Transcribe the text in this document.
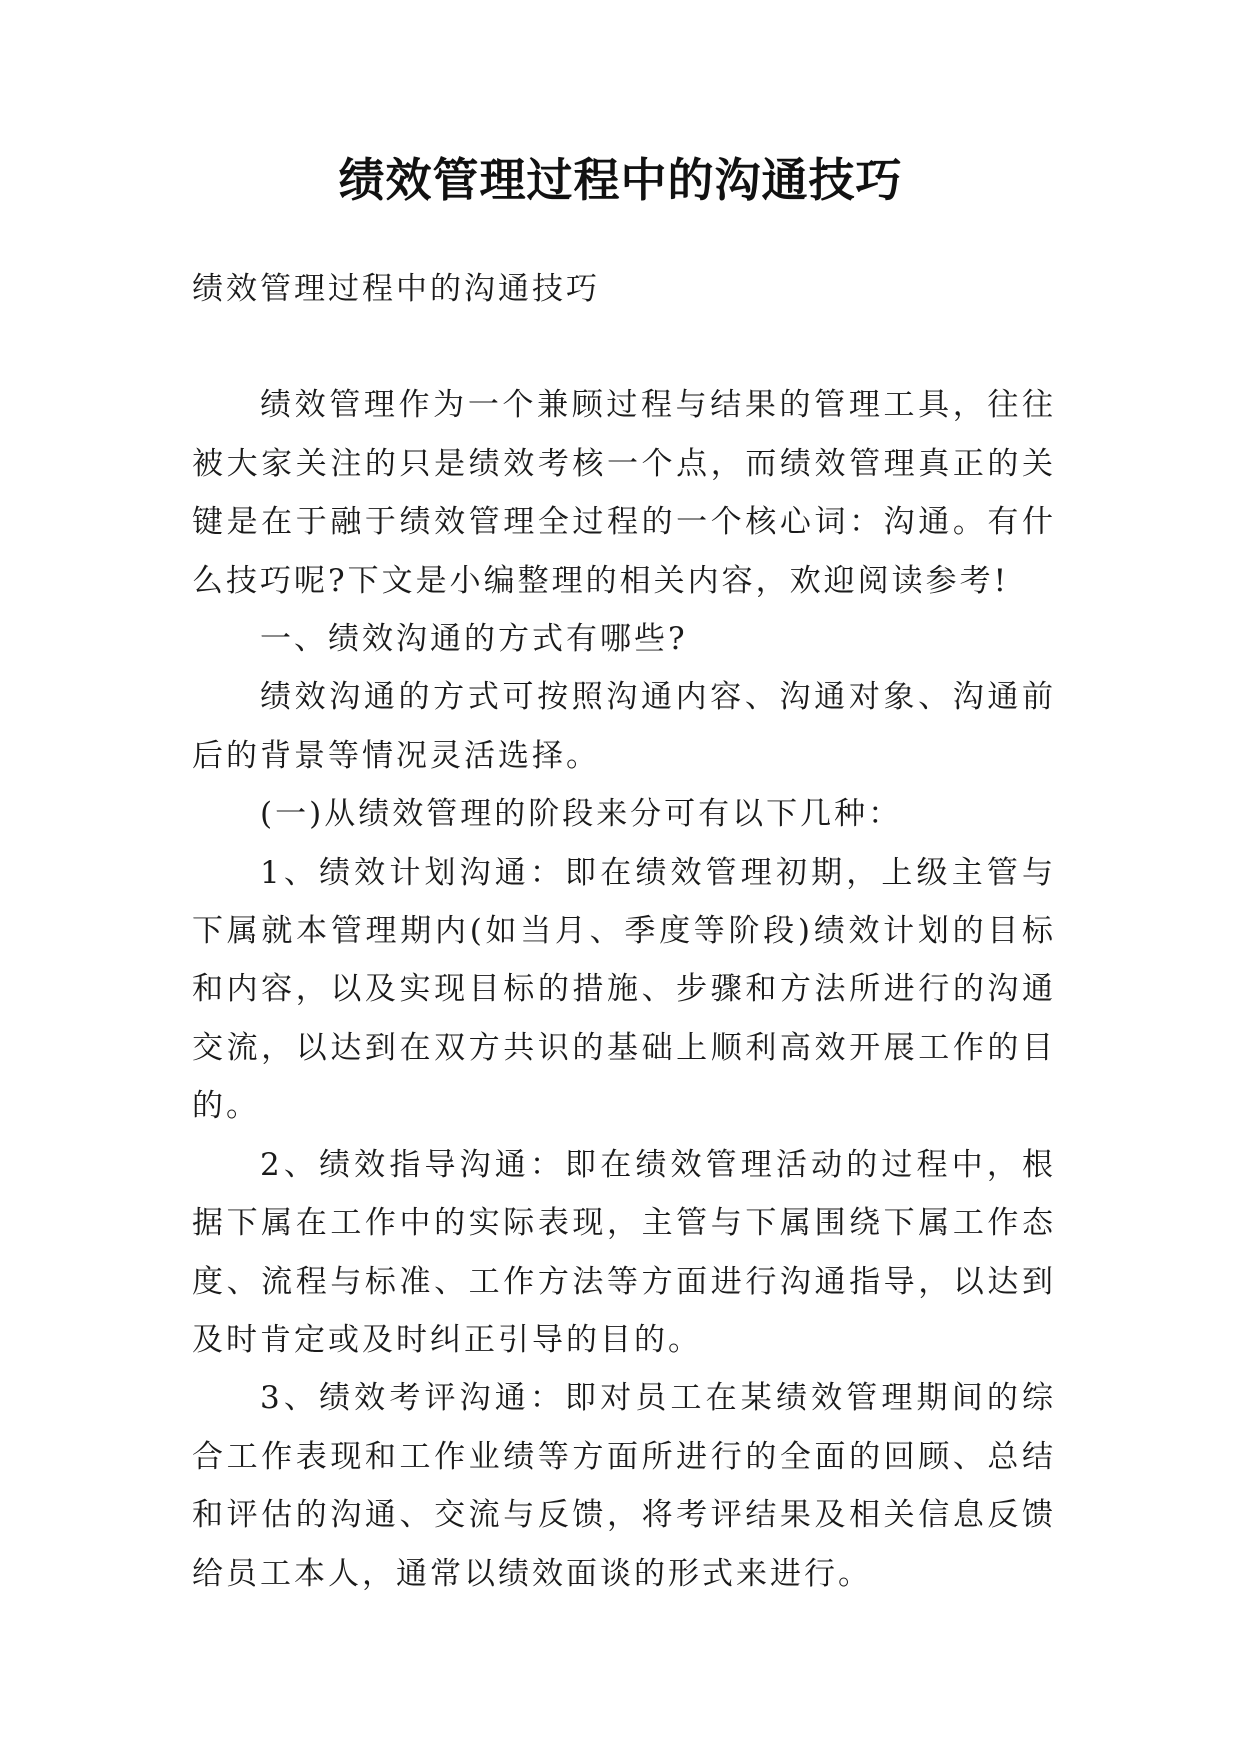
绩效管理过程中的沟通技巧

绩效管理过程中的沟通技巧

绩效管理作为一个兼顾过程与结果的管理工具，往往被大家关注的只是绩效考核一个点，而绩效管理真正的关键是在于融于绩效管理全过程的一个核心词：沟通。有什么技巧呢?下文是小编整理的相关内容，欢迎阅读参考!

一、绩效沟通的方式有哪些?

绩效沟通的方式可按照沟通内容、沟通对象、沟通前后的背景等情况灵活选择。

(一)从绩效管理的阶段来分可有以下几种：

1、绩效计划沟通：即在绩效管理初期，上级主管与下属就本管理期内(如当月、季度等阶段)绩效计划的目标和内容，以及实现目标的措施、步骤和方法所进行的沟通交流，以达到在双方共识的基础上顺利高效开展工作的目的。

2、绩效指导沟通：即在绩效管理活动的过程中，根据下属在工作中的实际表现，主管与下属围绕下属工作态度、流程与标准、工作方法等方面进行沟通指导，以达到及时肯定或及时纠正引导的目的。

3、绩效考评沟通：即对员工在某绩效管理期间的综合工作表现和工作业绩等方面所进行的全面的回顾、总结和评估的沟通、交流与反馈，将考评结果及相关信息反馈给员工本人，通常以绩效面谈的形式来进行。
